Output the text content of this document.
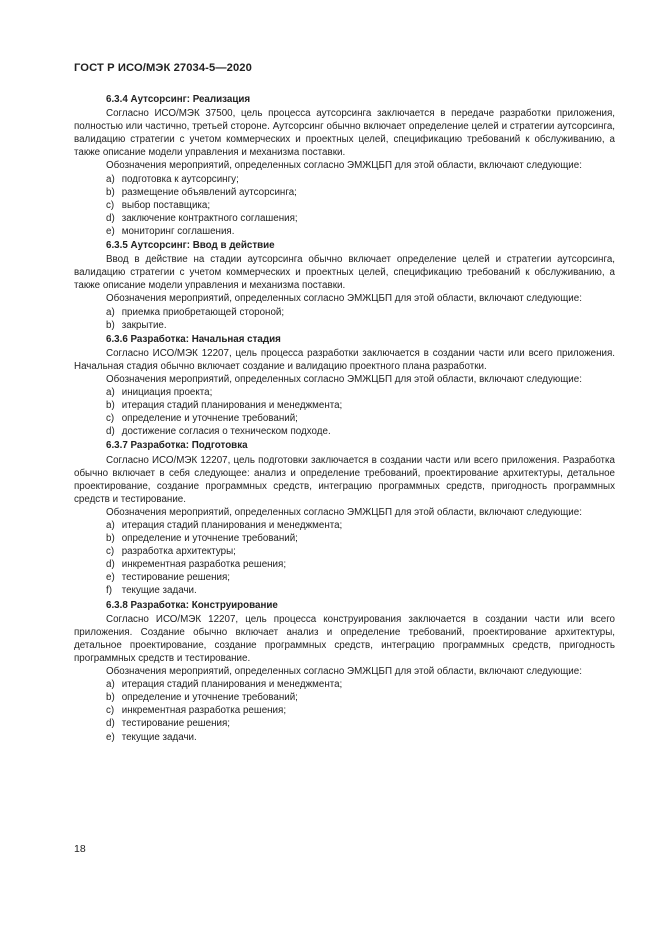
ГОСТ Р ИСО/МЭК 27034-5—2020
6.3.4 Аутсорсинг: Реализация

Согласно ИСО/МЭК 37500, цель процесса аутсорсинга заключается в передаче разработки приложения, полностью или частично, третьей стороне. Аутсорсинг обычно включает определение целей и стратегии аутсорсинга, валидацию стратегии с учетом коммерческих и проектных целей, спецификацию требований к обслуживанию, а также описание модели управления и механизма поставки.

Обозначения мероприятий, определенных согласно ЭМЖЦБП для этой области, включают следующие:

a) подготовка к аутсорсингу;
b) размещение объявлений аутсорсинга;
c) выбор поставщика;
d) заключение контрактного соглашения;
e) мониторинг соглашения.
6.3.5 Аутсорсинг: Ввод в действие

Ввод в действие на стадии аутсорсинга обычно включает определение целей и стратегии аутсорсинга, валидацию стратегии с учетом коммерческих и проектных целей, спецификацию требований к обслуживанию, а также описание модели управления и механизма поставки.

Обозначения мероприятий, определенных согласно ЭМЖЦБП для этой области, включают следующие:

a) приемка приобретающей стороной;
b) закрытие.
6.3.6 Разработка: Начальная стадия

Согласно ИСО/МЭК 12207, цель процесса разработки заключается в создании части или всего приложения. Начальная стадия обычно включает создание и валидацию проектного плана разработки.

Обозначения мероприятий, определенных согласно ЭМЖЦБП для этой области, включают следующие:

a) инициация проекта;
b) итерация стадий планирования и менеджмента;
c) определение и уточнение требований;
d) достижение согласия о техническом подходе.
6.3.7 Разработка: Подготовка

Согласно ИСО/МЭК 12207, цель подготовки заключается в создании части или всего приложения. Разработка обычно включает в себя следующее: анализ и определение требований, проектирование архитектуры, детальное проектирование, создание программных средств, интеграцию программных средств, пригодность программных средств и тестирование.

Обозначения мероприятий, определенных согласно ЭМЖЦБП для этой области, включают следующие:

a) итерация стадий планирования и менеджмента;
b) определение и уточнение требований;
c) разработка архитектуры;
d) инкрементная разработка решения;
e) тестирование решения;
f) текущие задачи.
6.3.8 Разработка: Конструирование

Согласно ИСО/МЭК 12207, цель процесса конструирования заключается в создании части или всего приложения. Создание обычно включает анализ и определение требований, проектирование архитектуры, детальное проектирование, создание программных средств, интеграцию программных средств, пригодность программных средств и тестирование.

Обозначения мероприятий, определенных согласно ЭМЖЦБП для этой области, включают следующие:

a) итерация стадий планирования и менеджмента;
b) определение и уточнение требований;
c) инкрементная разработка решения;
d) тестирование решения;
e) текущие задачи.
18
